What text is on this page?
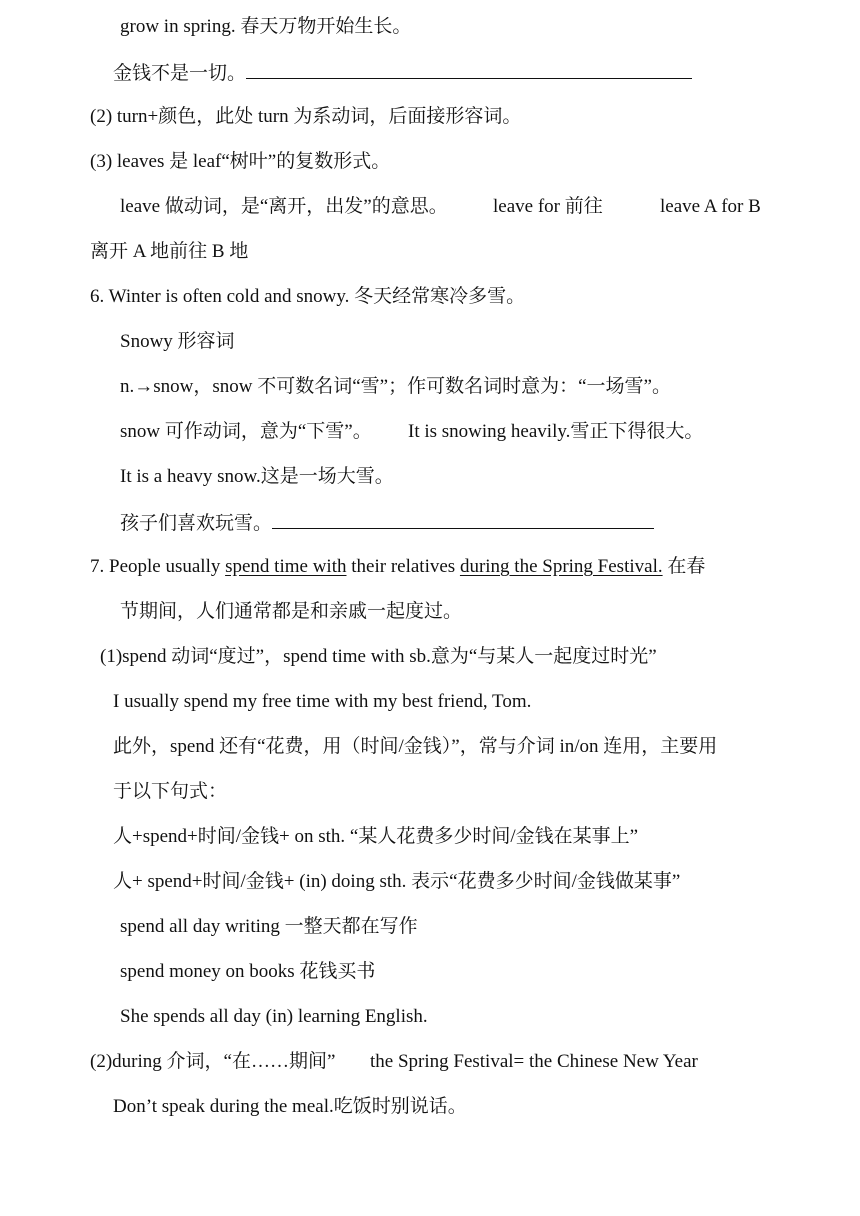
grow in spring. 春天万物开始生长。
金钱不是一切。
(2) turn+颜色，此处 turn 为系动词，后面接形容词。
(3) leaves 是 leaf“树叶”的复数形式。
leave 做动词，是“离开，出发”的意思。 leave for 前往	leave A for B
离开 A 地前往 B 地
6. Winter is often cold and snowy. 冬天经常寒冷多雪。
Snowy 形容词
n.→snow，snow 不可数名词“雪”；作可数名词时意为：“一场雪”。
snow 可作动词，意为“下雪”。 It is snowing heavily.雪正下得很大。
It is a heavy snow.这是一场大雪。
孩子们喜欢玩雪。
7. People usually spend time with their relatives during the Spring Festival. 在春
节期间，人们通常都是和亲戚一起度过。
(1)spend 动词“度过”，spend time with sb.意为“与某人一起度过时光”
I usually spend my free time with my best friend, Tom.
此外，spend 还有“花费，用（时间/金钱）”，常与介词 in/on 连用，主要用
于以下句式：
人+spend+时间/金钱+ on sth. “某人花费多少时间/金钱在某事上”
人+ spend+时间/金钱+ (in) doing sth. 表示“花费多少时间/金钱做某事”
spend all day writing 一整天都在写作
spend money on books 花钱买书
She spends all day (in) learning English.
(2)during 介词，“在……期间” the Spring Festival= the Chinese New Year
Don’t speak during the meal.吃饭时别说话。
